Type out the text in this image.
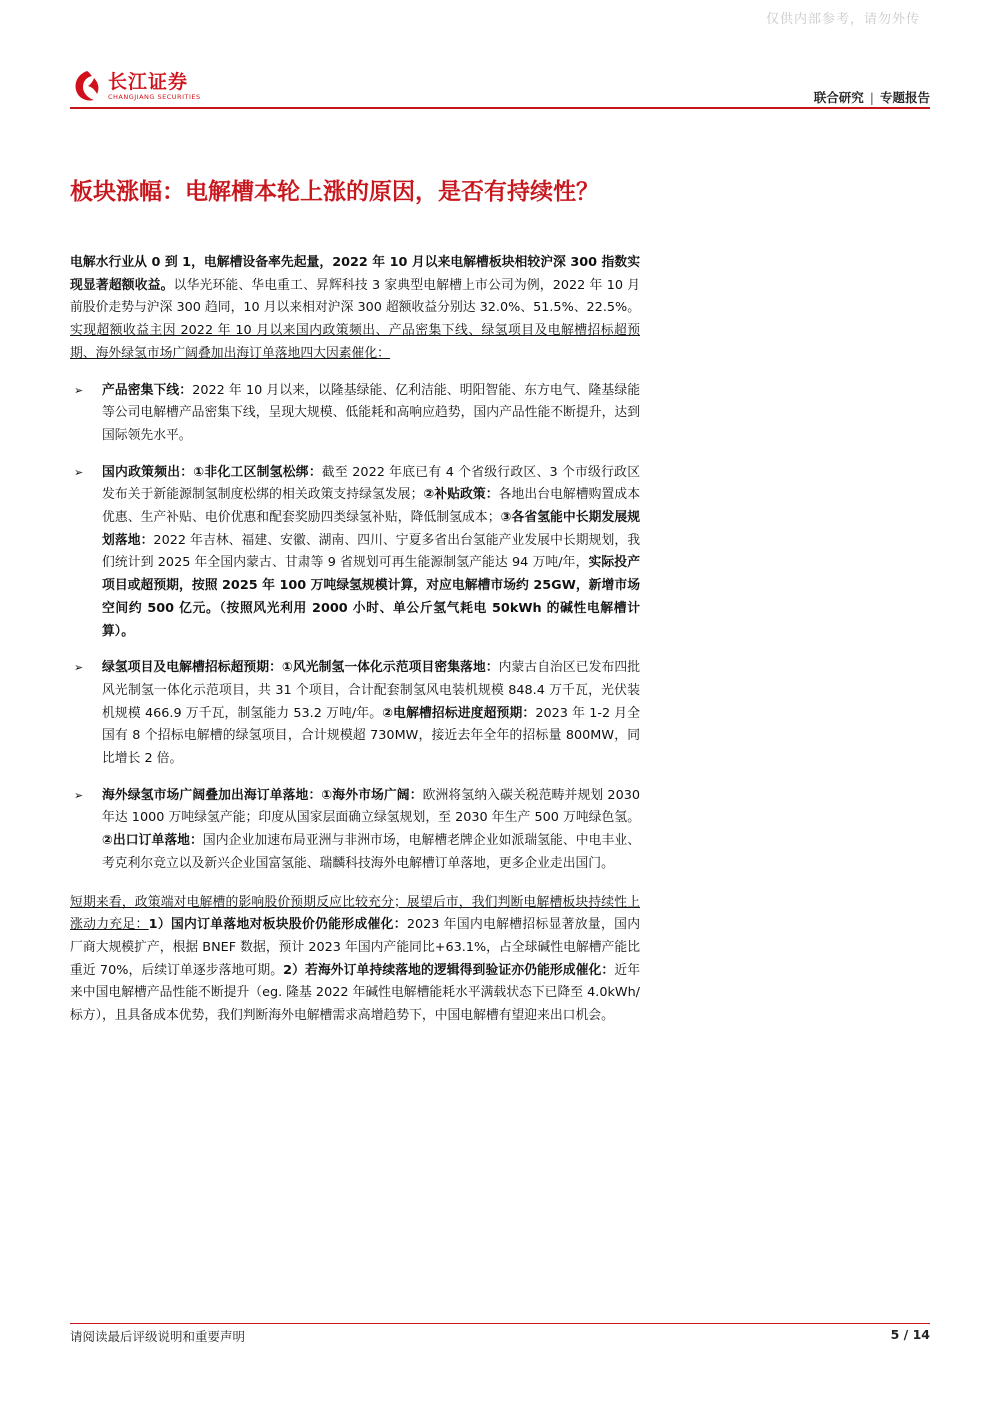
仅供内部参考，请勿外传
长江证券
CHANGJIANG SECURITIES	联合研究 | 专题报告
板块涨幅：电解槽本轮上涨的原因，是否有持续性？

电解水行业从 0 到 1，电解槽设备率先起量，2022 年 10 月以来电解槽板块相较沪深 300 指数实现显著超额收益。以华光环能、华电重工、昇辉科技 3 家典型电解槽上市公司为例，2022 年 10 月前股价走势与沪深 300 趋同，10 月以来相对沪深 300 超额收益分别达 32.0%、51.5%、22.5%。实现超额收益主因 2022 年 10 月以来国内政策频出、产品密集下线、绿氢项目及电解槽招标超预期、海外绿氢市场广阔叠加出海订单落地四大因素催化：

➢ 产品密集下线：2022 年 10 月以来，以隆基绿能、亿利洁能、明阳智能、东方电气、隆基绿能等公司电解槽产品密集下线，呈现大规模、低能耗和高响应趋势，国内产品性能不断提升，达到国际领先水平。

➢ 国内政策频出：①非化工区制氢松绑：截至 2022 年底已有 4 个省级行政区、3 个市级行政区发布关于新能源制氢制度松绑的相关政策支持绿氢发展；②补贴政策：各地出台电解槽购置成本优惠、生产补贴、电价优惠和配套奖励四类绿氢补贴，降低制氢成本；③各省氢能中长期发展规划落地：2022 年吉林、福建、安徽、湖南、四川、宁夏多省出台氢能产业发展中长期规划，我们统计到 2025 年全国内蒙古、甘肃等 9 省规划可再生能源制氢产能达 94 万吨/年，实际投产项目或超预期，按照 2025 年 100 万吨绿氢规模计算，对应电解槽市场约 25GW，新增市场空间约 500 亿元。（按照风光利用 2000 小时、单公斤氢气耗电 50kWh 的碱性电解槽计算）。

➢ 绿氢项目及电解槽招标超预期：①风光制氢一体化示范项目密集落地：内蒙古自治区已发布四批风光制氢一体化示范项目，共 31 个项目，合计配套制氢风电装机规模 848.4 万千瓦，光伏装机规模 466.9 万千瓦，制氢能力 53.2 万吨/年。②电解槽招标进度超预期：2023 年 1-2 月全国有 8 个招标电解槽的绿氢项目，合计规模超 730MW，接近去年全年的招标量 800MW，同比增长 2 倍。

➢ 海外绿氢市场广阔叠加出海订单落地：①海外市场广阔：欧洲将氢纳入碳关税范畴并规划 2030 年达 1000 万吨绿氢产能；印度从国家层面确立绿氢规划，至 2030 年生产 500 万吨绿色氢。②出口订单落地：国内企业加速布局亚洲与非洲市场，电解槽老牌企业如派瑞氢能、中电丰业、考克利尔竞立以及新兴企业国富氢能、瑞麟科技海外电解槽订单落地，更多企业走出国门。

短期来看，政策端对电解槽的影响股价预期反应比较充分；展望后市，我们判断电解槽板块持续性上涨动力充足：1）国内订单落地对板块股价仍能形成催化：2023 年国内电解槽招标显著放量，国内厂商大规模扩产，根据 BNEF 数据，预计 2023 年国内产能同比+63.1%，占全球碱性电解槽产能比重近 70%，后续订单逐步落地可期。2）若海外订单持续落地的逻辑得到验证亦仍能形成催化：近年来中国电解槽产品性能不断提升（eg. 隆基 2022 年碱性电解槽能耗水平满载状态下已降至 4.0kWh/标方），且具备成本优势，我们判断海外电解槽需求高增趋势下，中国电解槽有望迎来出口机会。

请阅读最后评级说明和重要声明	5 / 14
